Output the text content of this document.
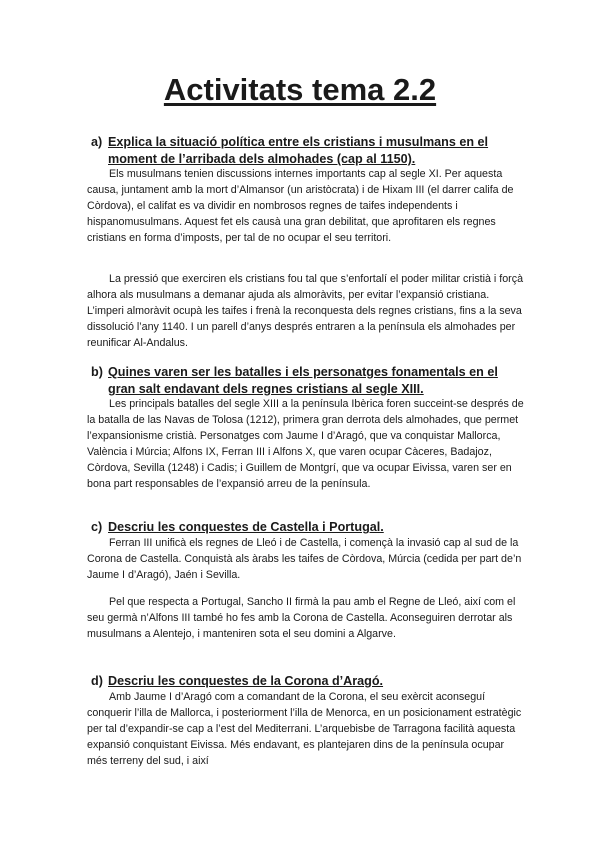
Activitats tema 2.2
a) Explica la situació política entre els cristians i musulmans en el moment de l’arribada dels almohades (cap al 1150).

Els musulmans tenien discussions internes importants cap al segle XI. Per aquesta causa, juntament amb la mort d’Almansor (un aristòcrata) i de Hixam III (el darrer califa de Còrdova), el califat es va dividir en nombrosos regnes de taifes independents i hispanomusulmans. Aquest fet els causà una gran debilitat, que aprofitaren els regnes cristians en forma d’imposts, per tal de no ocupar el seu territori.

La pressió que exerciren els cristians fou tal que s’enfortalí el poder militar cristià i forçà alhora als musulmans a demanar ajuda als almoràvits, per evitar l’expansió cristiana. L’imperi almoràvit ocupà les taifes i frenà la reconquesta dels regnes cristians, fins a la seva dissolució l’any 1140. I un parell d’anys després entraren a la península els almohades per reunificar Al-Andalus.

b) Quines varen ser les batalles i els personatges fonamentals en el gran salt endavant dels regnes cristians al segle XIII.

Les principals batalles del segle XIII a la península Ibèrica foren succeint-se després de la batalla de las Navas de Tolosa (1212), primera gran derrota dels almohades, que permet l’expansionisme cristià. Personatges com Jaume I d’Aragó, que va conquistar Mallorca, València i Múrcia; Alfons IX, Ferran III i Alfons X, que varen ocupar Càceres, Badajoz, Còrdova, Sevilla (1248) i Cadis; i Guillem de Montgrí, que va ocupar Eivissa, varen ser en bona part responsables de l’expansió arreu de la península.

c) Descriu les conquestes de Castella i Portugal.

Ferran III unificà els regnes de Lleó i de Castella, i començà la invasió cap al sud de la Corona de Castella. Conquistà als àrabs les taifes de Còrdova, Múrcia (cedida per part de’n Jaume I d’Aragó), Jaén i Sevilla.

Pel que respecta a Portugal, Sancho II firmà la pau amb el Regne de Lleó, així com el seu germà n’Alfons III també ho fes amb la Corona de Castella. Aconseguiren derrotar als musulmans a Alentejo, i manteniren sota el seu domini a Algarve.

d) Descriu les conquestes de la Corona d’Aragó.

Amb Jaume I d’Aragó com a comandant de la Corona, el seu exèrcit aconseguí conquerir l’illa de Mallorca, i posteriorment l’illa de Menorca, en un posicionament estratègic per tal d’expandir-se cap a l’est del Mediterrani. L’arquebisbe de Tarragona facilità aquesta expansió conquistant Eivissa. Més endavant, es plantejaren dins de la península ocupar més terreny del sud, i així
